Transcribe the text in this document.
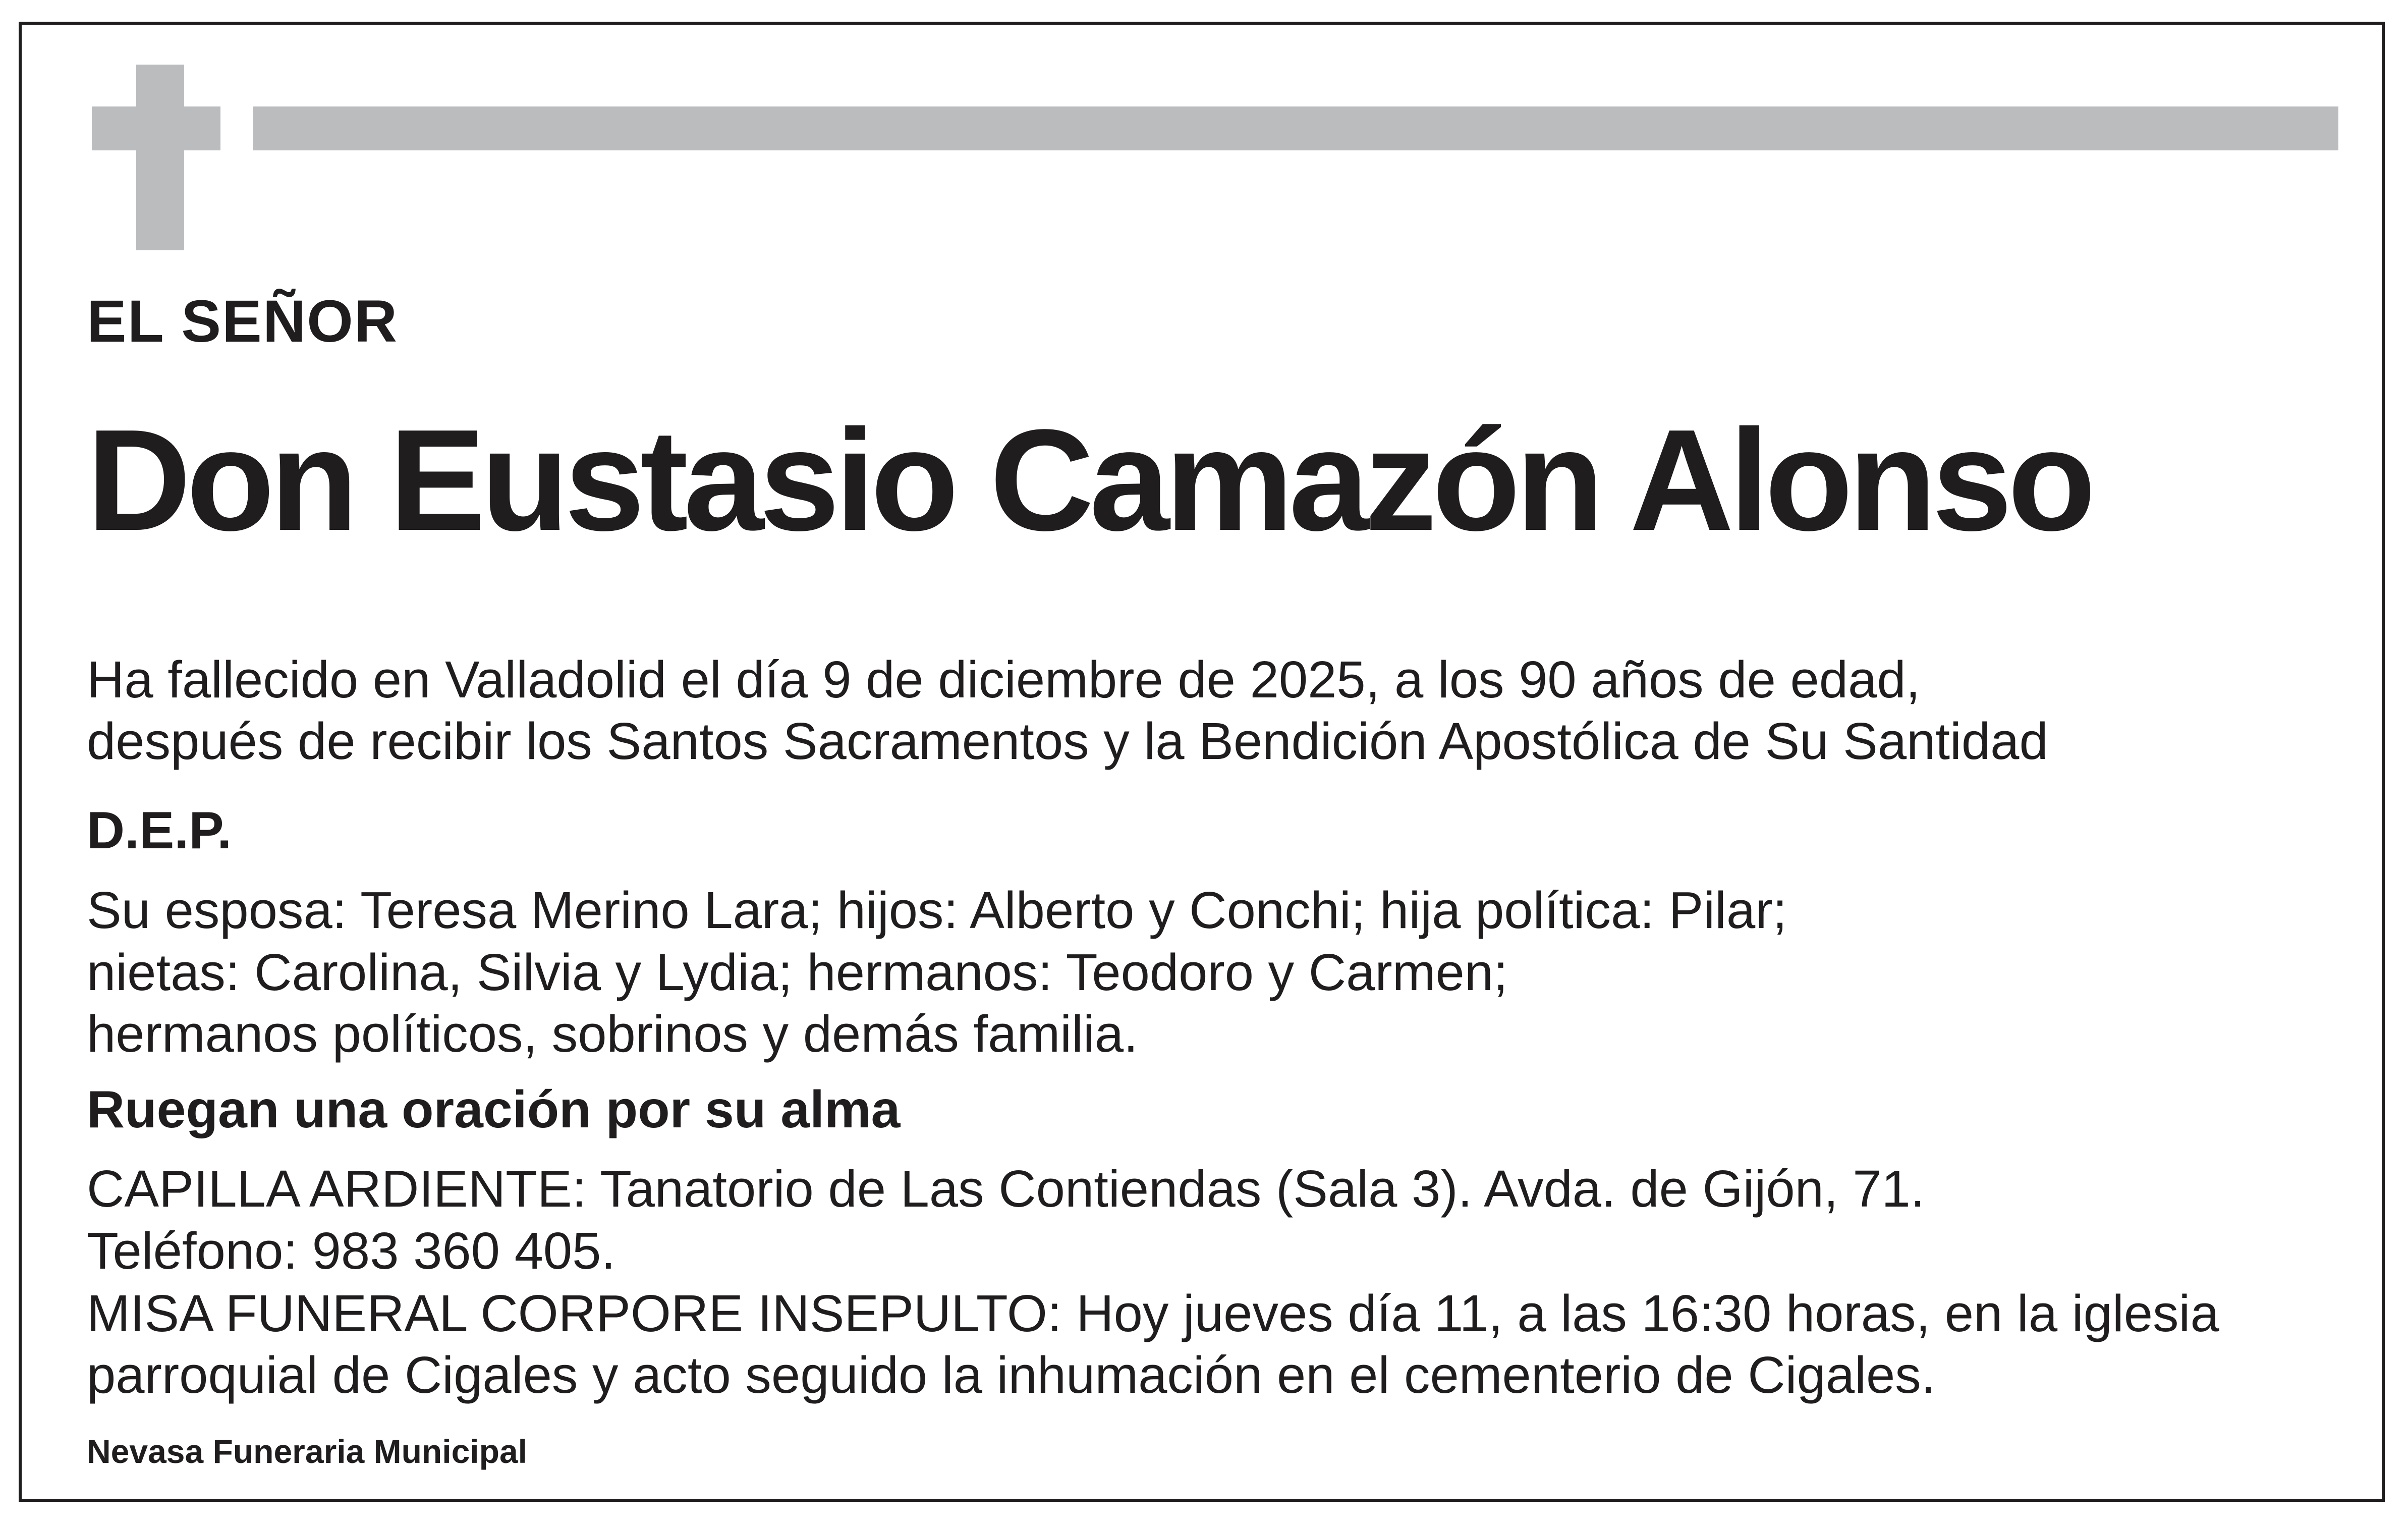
EL SEÑOR
Don Eustasio Camazón Alonso
Ha fallecido en Valladolid el día 9 de diciembre de 2025, a los 90 años de edad,
después de recibir los Santos Sacramentos y la Bendición Apostólica de Su Santidad
D.E.P.
Su esposa: Teresa Merino Lara; hijos: Alberto y Conchi; hija política: Pilar;
nietas: Carolina, Silvia y Lydia; hermanos: Teodoro y Carmen;
hermanos políticos, sobrinos y demás familia.
Ruegan una oración por su alma
CAPILLA ARDIENTE: Tanatorio de Las Contiendas (Sala 3). Avda. de Gijón, 71.
Teléfono: 983 360 405.
MISA FUNERAL CORPORE INSEPULTO: Hoy jueves día 11, a las 16:30 horas, en la iglesia
parroquial de Cigales y acto seguido la inhumación en el cementerio de Cigales.
Nevasa Funeraria Municipal
